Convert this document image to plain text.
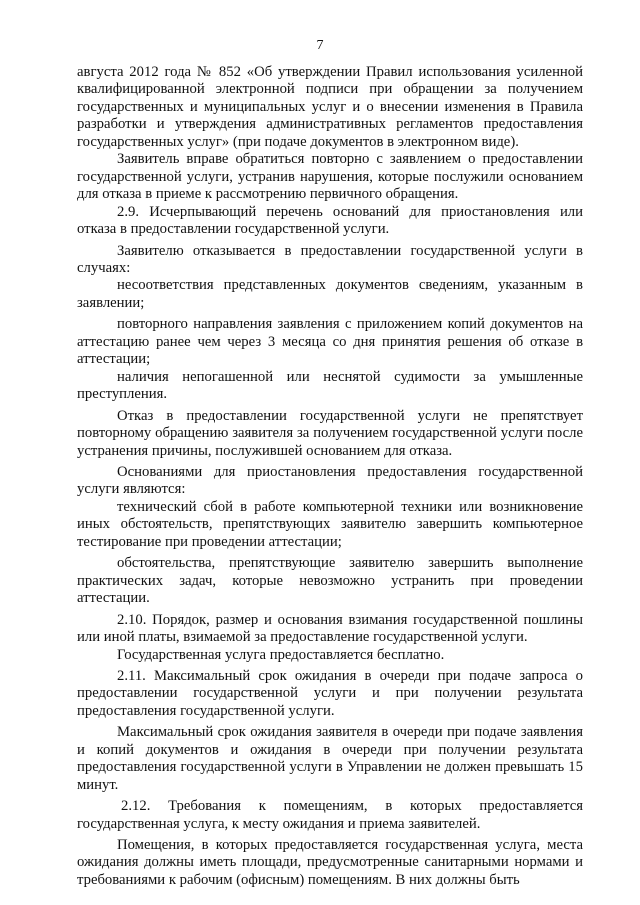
7

августа 2012 года № 852 «Об утверждении Правил использования усиленной квалифицированной электронной подписи при обращении за получением государственных и муниципальных услуг и о внесении изменения в Правила разработки и утверждения административных регламентов предоставления государственных услуг» (при подаче документов в электронном виде).

Заявитель вправе обратиться повторно с заявлением о предоставлении государственной услуги, устранив нарушения, которые послужили основанием для отказа в приеме к рассмотрению первичного обращения.

2.9. Исчерпывающий перечень оснований для приостановления или отказа в предоставлении государственной услуги.

Заявителю отказывается в предоставлении государственной услуги в случаях:

несоответствия представленных документов сведениям, указанным в заявлении;

повторного направления заявления с приложением копий документов на аттестацию ранее чем через 3 месяца со дня принятия решения об отказе в аттестации;

наличия непогашенной или неснятой судимости за умышленные преступления.

Отказ в предоставлении государственной услуги не препятствует повторному обращению заявителя за получением государственной услуги после устранения причины, послужившей основанием для отказа.

Основаниями для приостановления предоставления государственной услуги являются:

технический сбой в работе компьютерной техники или возникновение иных обстоятельств, препятствующих заявителю завершить компьютерное тестирование при проведении аттестации;

обстоятельства, препятствующие заявителю завершить выполнение практических задач, которые невозможно устранить при проведении аттестации.

2.10. Порядок, размер и основания взимания государственной пошлины или иной платы, взимаемой за предоставление государственной услуги.

Государственная услуга предоставляется бесплатно.

2.11. Максимальный срок ожидания в очереди при подаче запроса о предоставлении государственной услуги и при получении результата предоставления государственной услуги.

Максимальный срок ожидания заявителя в очереди при подаче заявления и копий документов и ожидания в очереди при получении результата предоставления государственной услуги в Управлении не должен превышать 15 минут.

2.12. Требования к помещениям, в которых предоставляется государственная услуга, к месту ожидания и приема заявителей.

Помещения, в которых предоставляется государственная услуга, места ожидания должны иметь площади, предусмотренные санитарными нормами и требованиями к рабочим (офисным) помещениям. В них должны быть
